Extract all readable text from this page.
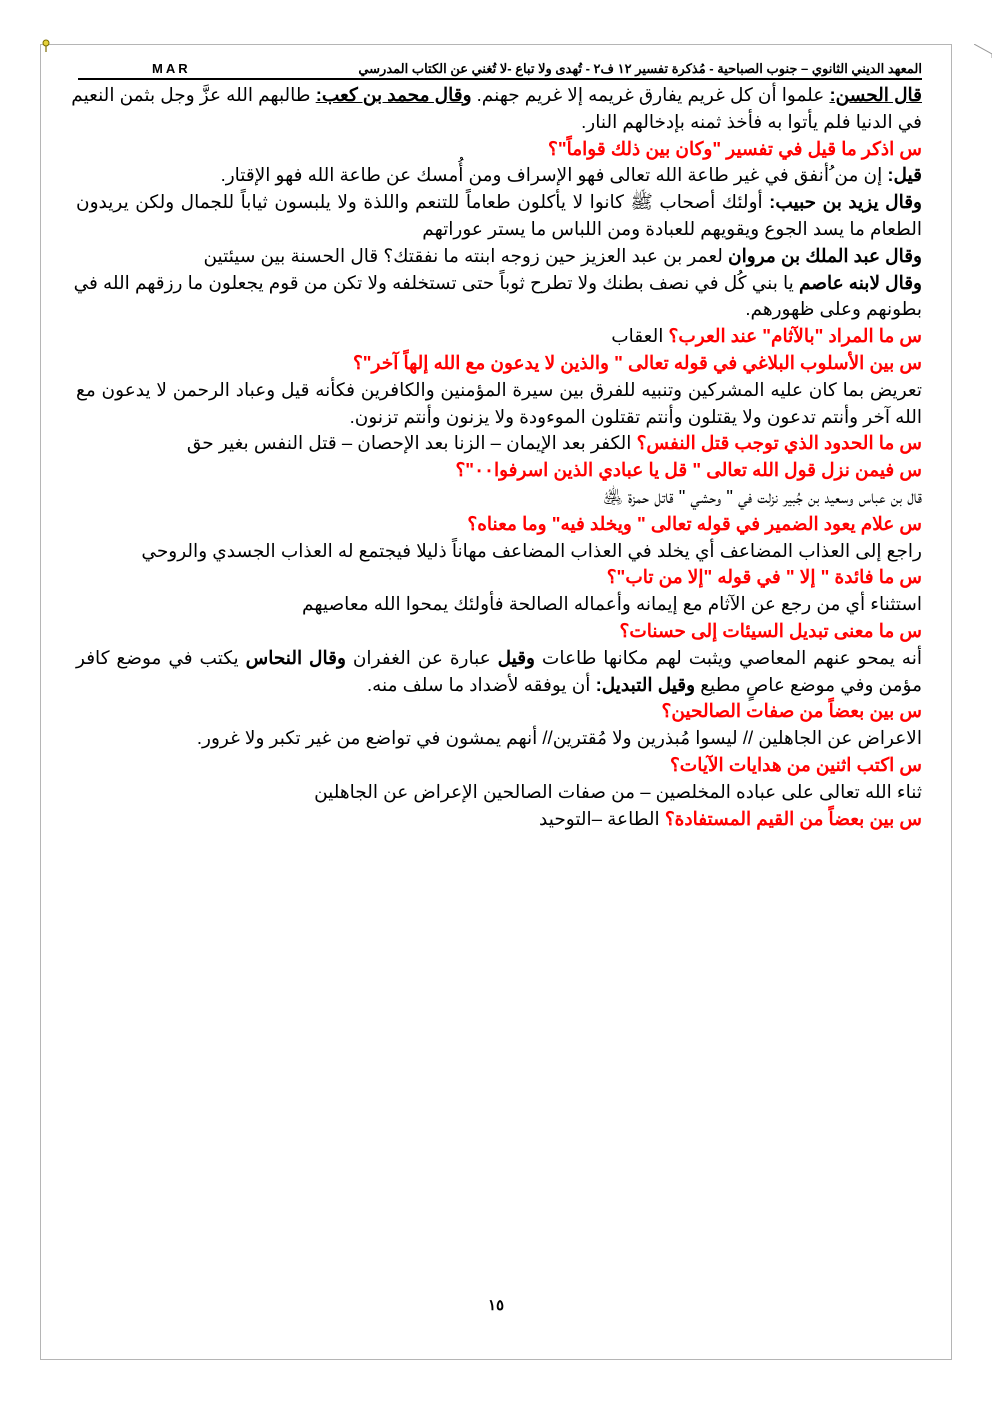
المعهد الديني الثانوي – جنوب الصباحية - مُذكرة تفسير ١٢ ف٢ - تُهدى ولا تباع -لا تُغني عن الكتاب المدرسي
MAR
قال الحسن: علموا أن كل غريم يفارق غريمه إلا غريم جهنم. وقال محمد بن كعب: طالبهم الله عزَّ وجل بثمن النعيم
في الدنيا فلم يأتوا به فأخذ ثمنه بإدخالهم النار.
س اذكر ما قيل في تفسير "وكان بين ذلك قواماً"؟
قيل: إن من ُأنفق في غير طاعة الله تعالى فهو الإسراف ومن أُمسك عن طاعة الله فهو الإقتار.
وقال يزيد بن حبيب: أولئك أصحاب ﷺ كانوا لا يأكلون طعاماً للتنعم واللذة ولا يلبسون ثياباً للجمال ولكن يريدون
الطعام ما يسد الجوع ويقويهم للعبادة ومن اللباس ما يستر عوراتهم
وقال عبد الملك بن مروان لعمر بن عبد العزيز حين زوجه ابنته ما نفقتك؟ قال الحسنة بين سيئتين
وقال لابنه عاصم يا بني كُل في نصف بطنك ولا تطرح ثوباً حتى تستخلفه ولا تكن من قوم يجعلون ما رزقهم الله في
بطونهم وعلى ظهورهم.
س ما المراد "بالآثام" عند العرب؟ العقاب
س بين الأسلوب البلاغي في قوله تعالى " والذين لا يدعون مع الله إلهاً آخر"؟
تعريض بما كان عليه المشركين وتنبيه للفرق بين سيرة المؤمنين والكافرين فكأنه قيل وعباد الرحمن لا يدعون مع
الله آخر وأنتم تدعون ولا يقتلون وأنتم تقتلون الموءودة ولا يزنون وأنتم تزنون.
س ما الحدود الذي توجب قتل النفس؟ الكفر بعد الإيمان – الزنا بعد الإحصان – قتل النفس بغير حق
س فيمن نزل قول الله تعالى " قل يا عبادي الذين اسرفوا٠٠"؟
قال بن عباس وسعيد بن جُبير نزلت في " وحشي " قاتل حمزة ﵁
س علام يعود الضمير في قوله تعالى " ويخلد فيه" وما معناه؟
راجع إلى العذاب المضاعف أي يخلد في العذاب المضاعف مهاناً ذليلا فيجتمع له العذاب الجسدي والروحي
س ما فائدة " إلا " في قوله "إلا من تاب"؟
استثناء أي من رجع عن الآثام مع إيمانه وأعماله الصالحة فأولئك يمحوا الله معاصيهم
س ما معنى تبديل السيئات إلى حسنات؟
أنه يمحو عنهم المعاصي ويثبت لهم مكانها طاعات وقيل عبارة عن الغفران وقال النحاس يكتب في موضع كافر
مؤمن وفي موضع عاصٍ مطيع وقيل التبديل: أن يوفقه لأضداد ما سلف منه.
س بين بعضاً من صفات الصالحين؟
الاعراض عن الجاهلين // ليسوا مُبذرين ولا مُقترين// أنهم يمشون في تواضع من غير تكبر ولا غرور.
س اكتب اثنين من هدايات الآيات؟
ثناء الله تعالى على عباده المخلصين – من صفات الصالحين الإعراض عن الجاهلين
س بين بعضاً من القيم المستفادة؟ الطاعة –التوحيد
١٥
